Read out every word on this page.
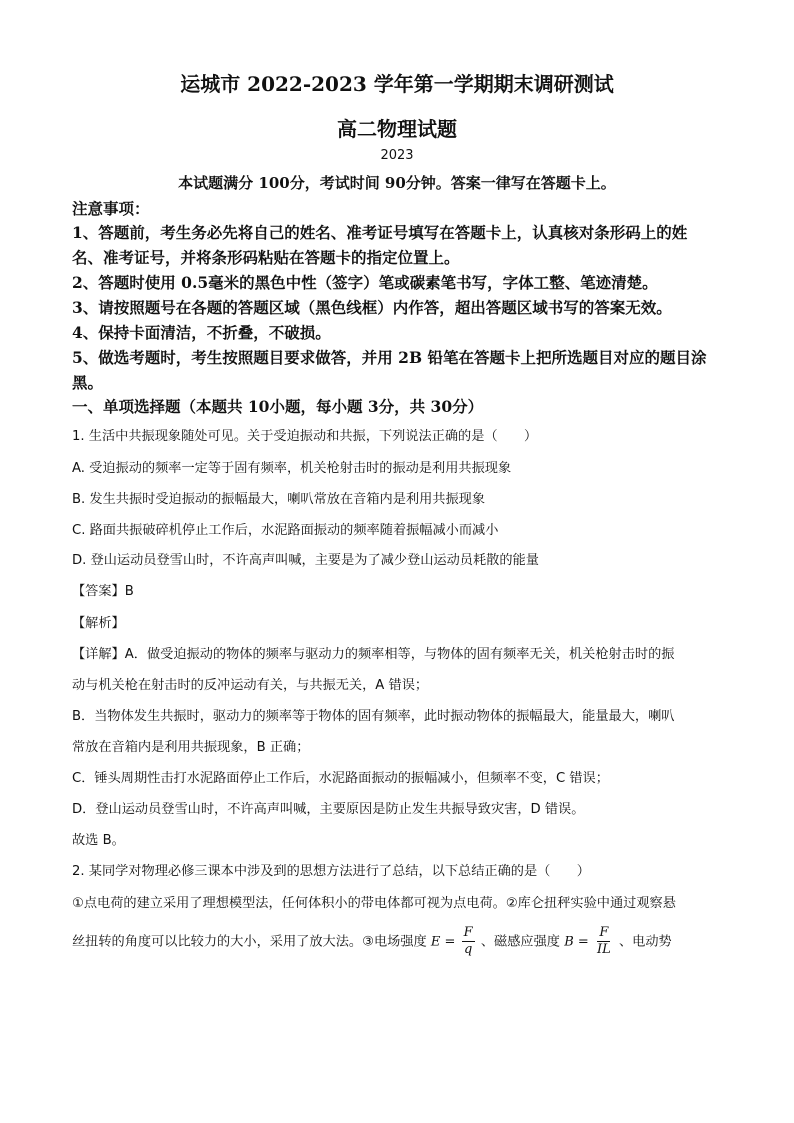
运城市 2022-2023 学年第一学期期末调研测试
高二物理试题
2023
本试题满分 100分，考试时间 90分钟。答案一律写在答题卡上。
注意事项：
1、答题前，考生务必先将自己的姓名、准考证号填写在答题卡上，认真核对条形码上的姓
名、准考证号，并将条形码粘贴在答题卡的指定位置上。
2、答题时使用 0.5毫米的黑色中性（签字）笔或碳素笔书写，字体工整、笔迹清楚。
3、请按照题号在各题的答题区域（黑色线框）内作答，超出答题区域书写的答案无效。
4、保持卡面清洁，不折叠，不破损。
5、做选考题时，考生按照题目要求做答，并用 2B 铅笔在答题卡上把所选题目对应的题目涂
黑。
一、单项选择题（本题共 10小题，每小题 3分，共 30分）
1. 生活中共振现象随处可见。关于受迫振动和共振，下列说法正确的是（　　）
A. 受迫振动的频率一定等于固有频率，机关枪射击时的振动是利用共振现象
B. 发生共振时受迫振动的振幅最大，喇叭常放在音箱内是利用共振现象
C. 路面共振破碎机停止工作后，水泥路面振动的频率随着振幅减小而减小
D. 登山运动员登雪山时，不许高声叫喊，主要是为了减少登山运动员耗散的能量
【答案】B
【解析】
【详解】A．做受迫振动的物体的频率与驱动力的频率相等，与物体的固有频率无关，机关枪射击时的振
动与机关枪在射击时的反冲运动有关，与共振无关，A 错误；
B．当物体发生共振时，驱动力的频率等于物体的固有频率，此时振动物体的振幅最大，能量最大，喇叭
常放在音箱内是利用共振现象，B 正确；
C．锤头周期性击打水泥路面停止工作后，水泥路面振动的振幅减小，但频率不变，C 错误；
D．登山运动员登雪山时，不许高声叫喊，主要原因是防止发生共振导致灾害，D 错误。
故选 B。
2. 某同学对物理必修三课本中涉及到的思想方法进行了总结，以下总结正确的是（　　）
①点电荷的建立采用了理想模型法，任何体积小的带电体都可视为点电荷。②库仑扭秤实验中通过观察悬
丝扭转的角度可以比较力的大小，采用了放大法。③电场强度 $E = \frac{F}{q}$ 、磁感应强度 $B = \frac{F}{IL}$ 、电动势
